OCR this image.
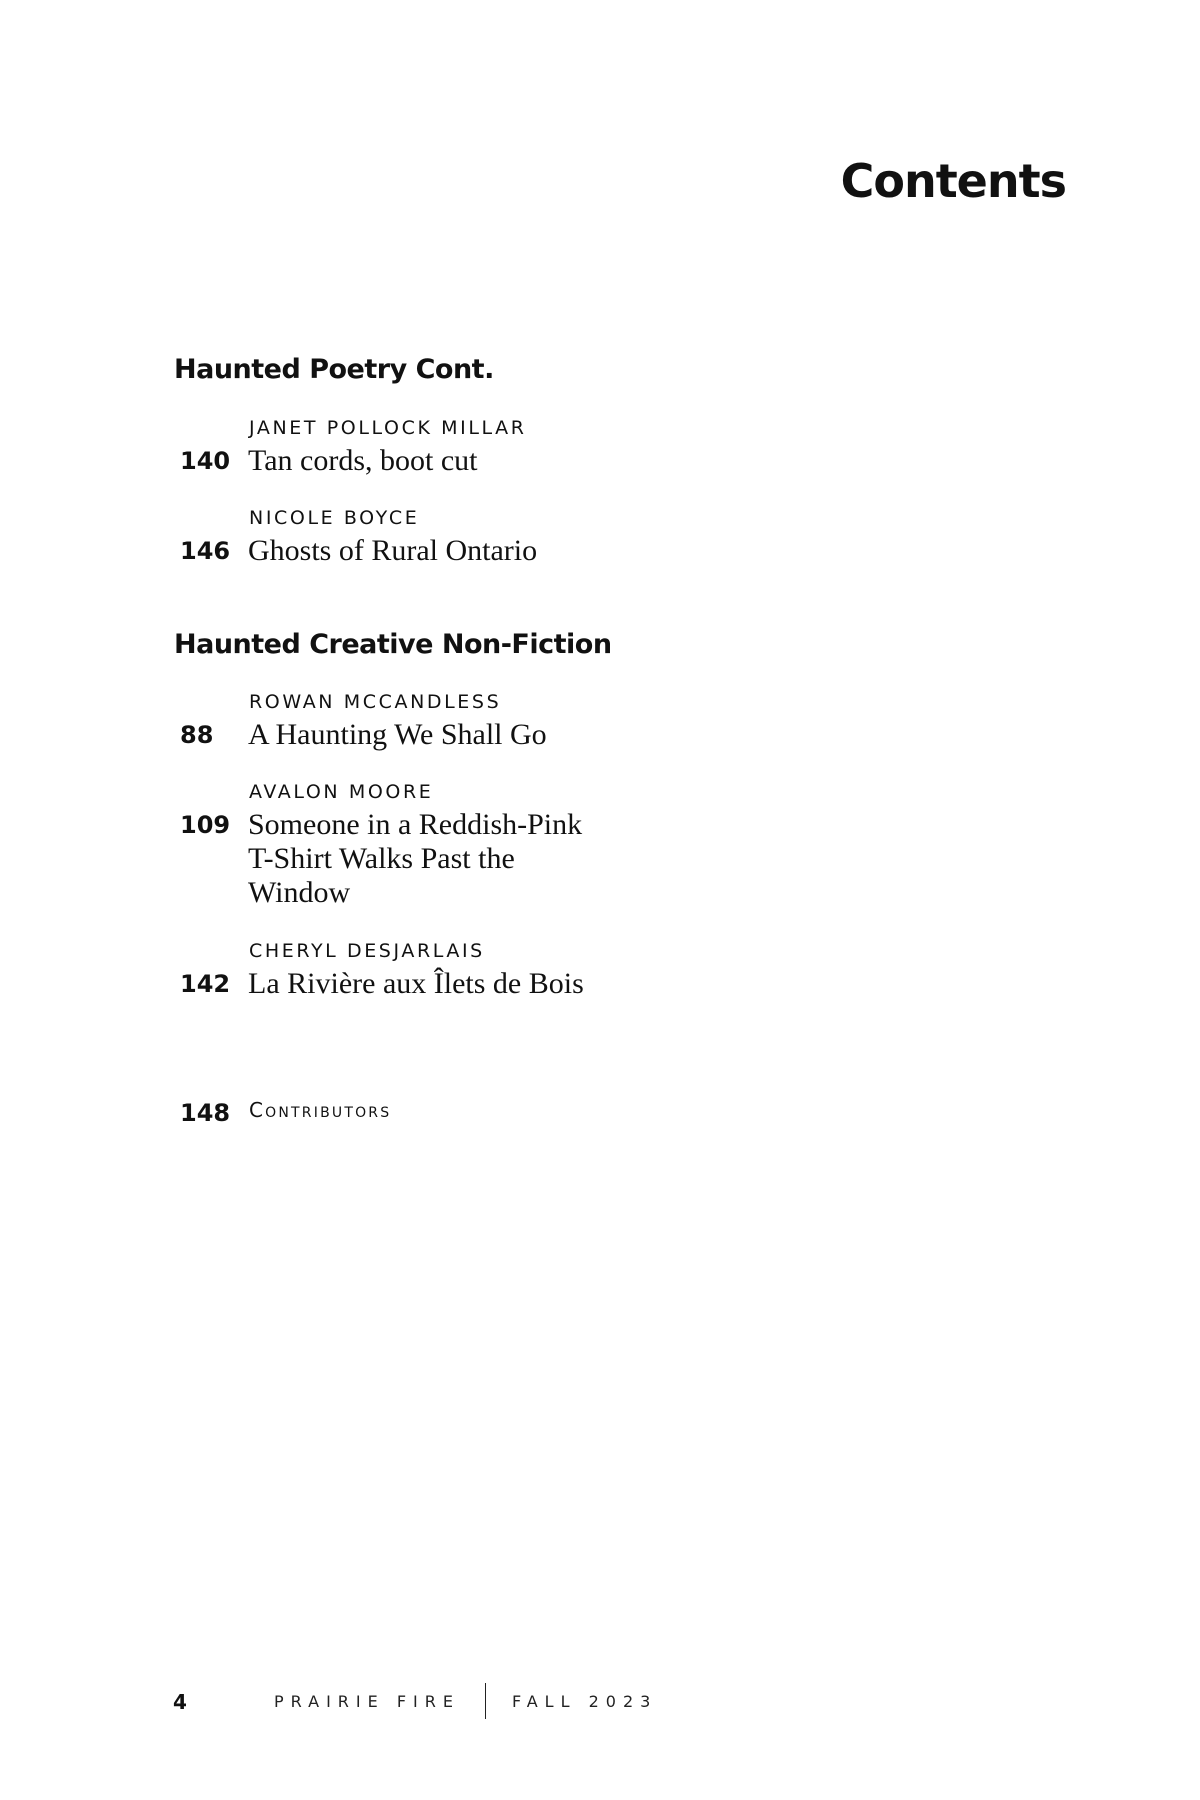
Contents
Haunted Poetry Cont.
JANET POLLOCK MILLAR
140 Tan cords, boot cut
NICOLE BOYCE
146 Ghosts of Rural Ontario
Haunted Creative Non-Fiction
ROWAN MCCANDLESS
88 A Haunting We Shall Go
AVALON MOORE
109 Someone in a Reddish-Pink T-Shirt Walks Past the Window
CHERYL DESJARLAIS
142 La Rivière aux Îlets de Bois
148 Contributors
4	PRAIRIE FIRE	FALL 2023
